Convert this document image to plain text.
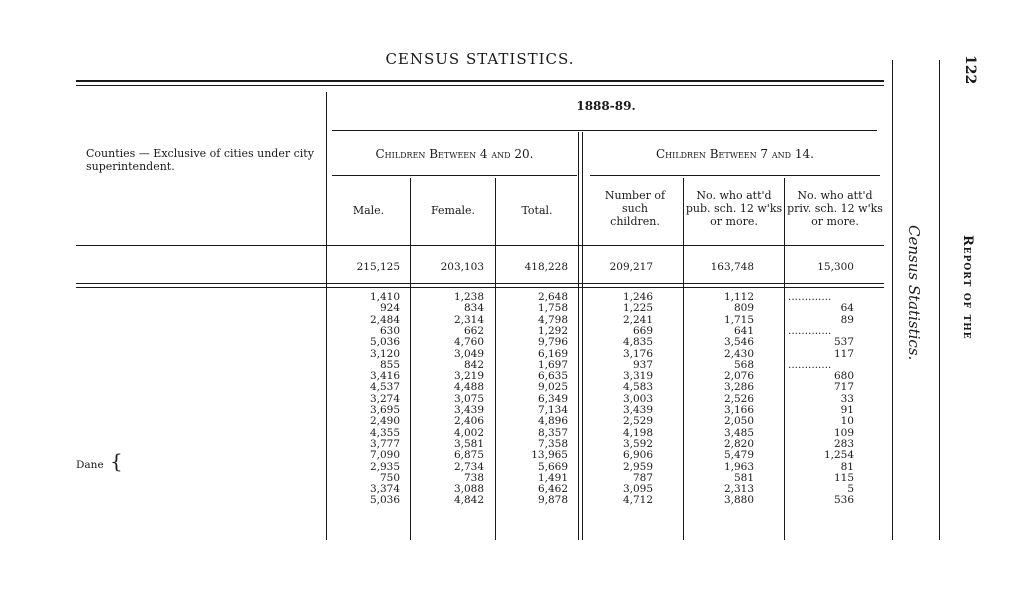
CENSUS STATISTICS.	122
Report of the
Census Statistics.
1888-89.
Counties — Exclusive of cities under city superintendent.
Children Between 4 and 20.	Children Between 7 and 14.
Male.	Female.	Total.
Number of such children.
No. who att'd pub. sch. 12 w'ks or more.
No. who att'd priv. sch. 12 w'ks or more.
215,125	203,103	418,228	209,217	163,748	15,300
1,410	1,238	2,648	1,246	1,112	.............
924	834	1,758	1,225	809	64
2,484	2,314	4,798	2,241	1,715	89
630	662	1,292	669	641	.............
5,036	4,760	9,796	4,835	3,546	537
3,120	3,049	6,169	3,176	2,430	117
855	842	1,697	937	568	.............
3,416	3,219	6,635	3,319	2,076	680
4,537	4,488	9,025	4,583	3,286	717
3,274	3,075	6,349	3,003	2,526	33
3,695	3,439	7,134	3,439	3,166	91
2,490	2,406	4,896	2,529	2,050	10
4,355	4,002	8,357	4,198	3,485	109
3,777	3,581	7,358	3,592	2,820	283
7,090	6,875	13,965	6,906	5,479	1,254
2,935	2,734	5,669	2,959	1,963	81
750	738	1,491	787	581	115
3,374	3,088	6,462	3,095	2,313	5
5,036	4,842	9,878	4,712	3,880	536
Dane {
